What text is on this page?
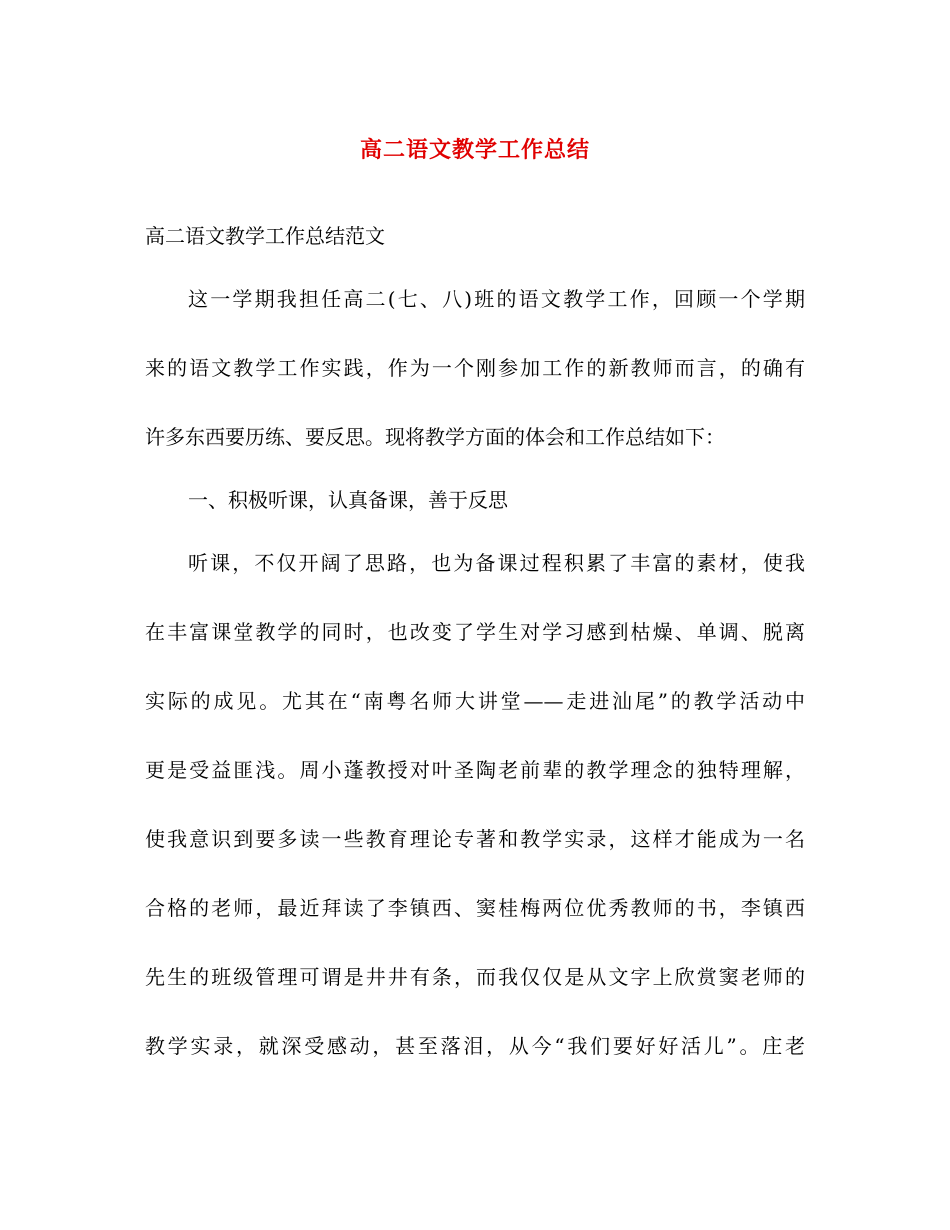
高二语文教学工作总结
高二语文教学工作总结范文
这一学期我担任高二(七、八)班的语文教学工作，回顾一个学期
来的语文教学工作实践，作为一个刚参加工作的新教师而言，的确有
许多东西要历练、要反思。现将教学方面的体会和工作总结如下：
一、积极听课，认真备课，善于反思
听课，不仅开阔了思路，也为备课过程积累了丰富的素材，使我
在丰富课堂教学的同时，也改变了学生对学习感到枯燥、单调、脱离
实际的成见。尤其在“南粤名师大讲堂——走进汕尾”的教学活动中
更是受益匪浅。周小蓬教授对叶圣陶老前辈的教学理念的独特理解，
使我意识到要多读一些教育理论专著和教学实录，这样才能成为一名
合格的老师，最近拜读了李镇西、窦桂梅两位优秀教师的书，李镇西
先生的班级管理可谓是井井有条，而我仅仅是从文字上欣赏窦老师的
教学实录，就深受感动，甚至落泪，从今“我们要好好活儿”。庄老
